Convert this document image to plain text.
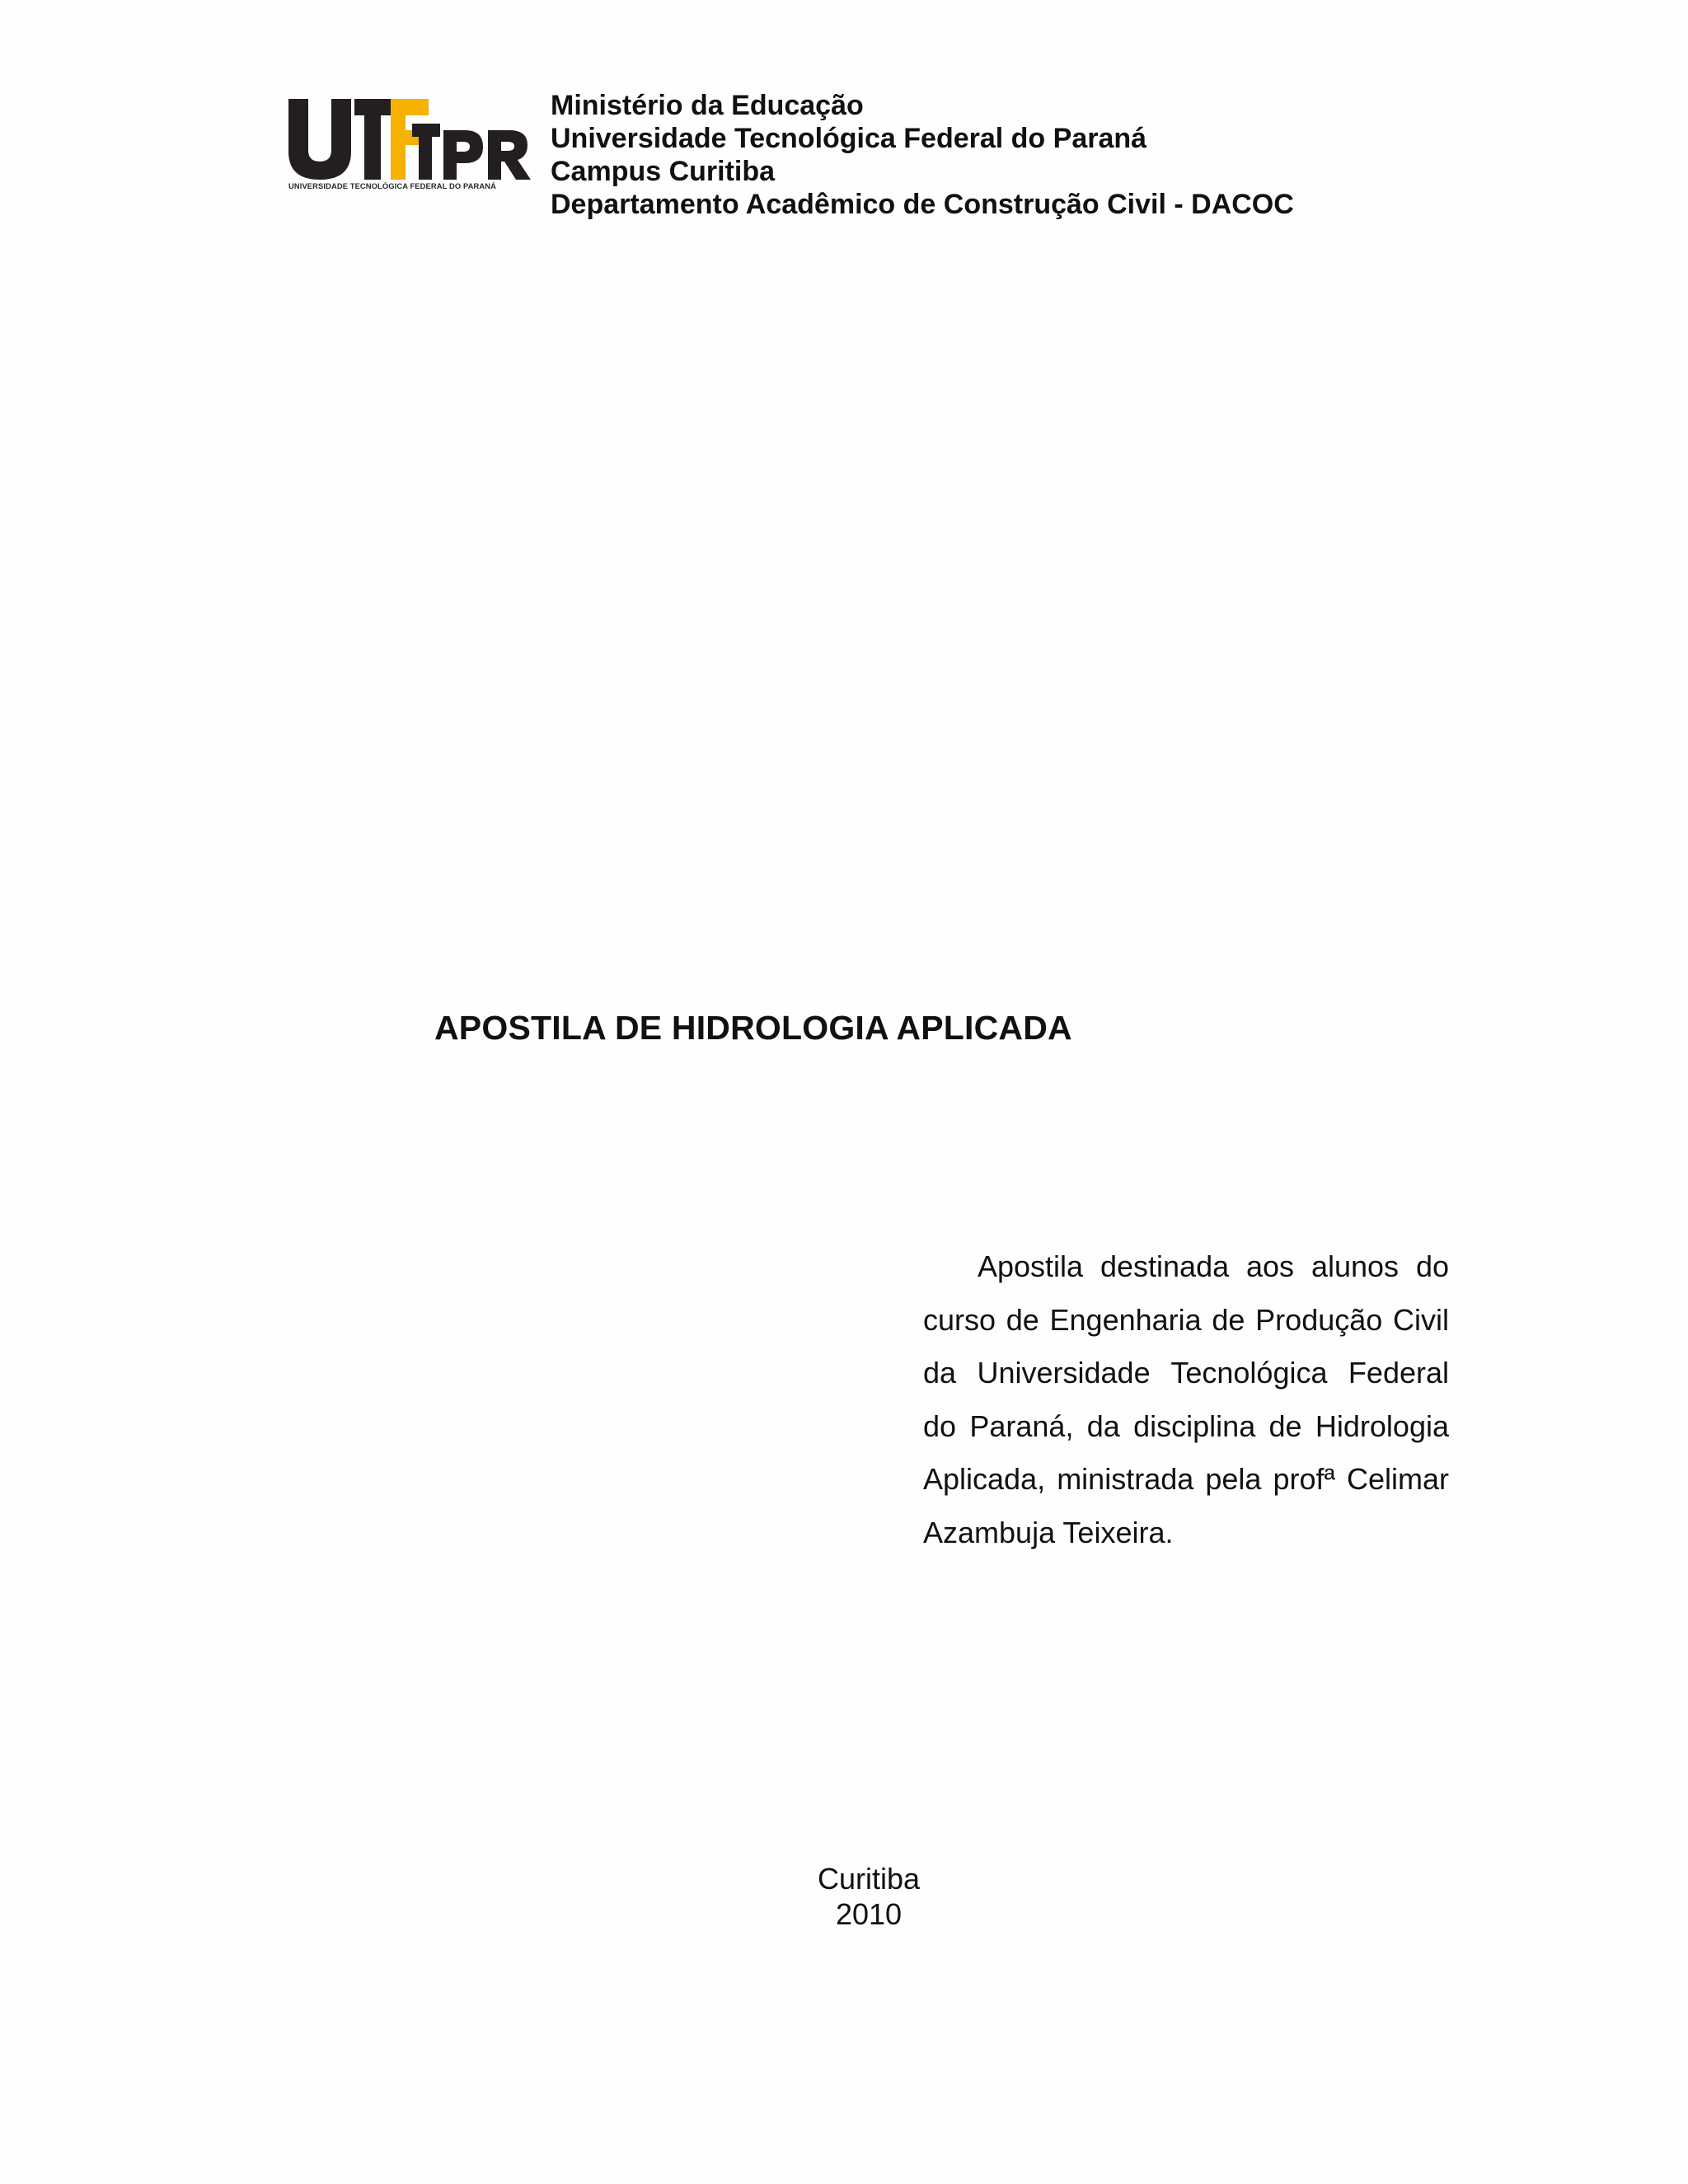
UNIVERSIDADE TECNOLÓGICA FEDERAL DO PARANÁ
Ministério da Educação
Universidade Tecnológica Federal do Paraná
Campus Curitiba
Departamento Acadêmico de Construção Civil - DACOC
APOSTILA DE HIDROLOGIA APLICADA
Apostila destinada aos alunos do curso de Engenharia de Produção Civil da Universidade Tecnológica Federal do Paraná, da disciplina de Hidrologia Aplicada, ministrada pela profª Celimar Azambuja Teixeira.
Curitiba
2010
